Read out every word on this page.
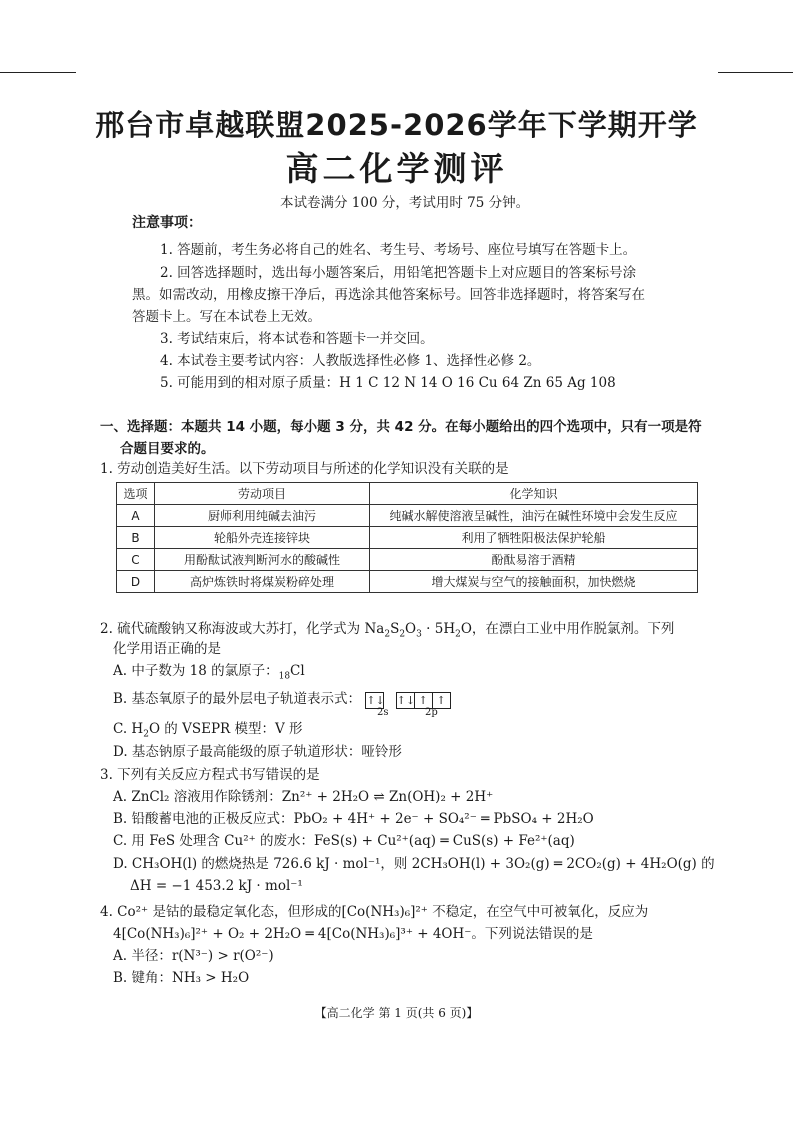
邢台市卓越联盟2025-2026学年下学期开学
高二化学测评
本试卷满分 100 分，考试用时 75 分钟。
注意事项：
1. 答题前，考生务必将自己的姓名、考生号、考场号、座位号填写在答题卡上。
2. 回答选择题时，选出每小题答案后，用铅笔把答题卡上对应题目的答案标号涂
黑。如需改动，用橡皮擦干净后，再选涂其他答案标号。回答非选择题时，将答案写在
答题卡上。写在本试卷上无效。
3. 考试结束后，将本试卷和答题卡一并交回。
4. 本试卷主要考试内容：人教版选择性必修 1、选择性必修 2。
5. 可能用到的相对原子质量：H 1 C 12 N 14 O 16 Cu 64 Zn 65 Ag 108
一、选择题：本题共 14 小题，每小题 3 分，共 42 分。在每小题给出的四个选项中，只有一项是符
合题目要求的。
1. 劳动创造美好生活。以下劳动项目与所述的化学知识没有关联的是
选项	劳动项目	化学知识
A	厨师利用纯碱去油污	纯碱水解使溶液呈碱性，油污在碱性环境中会发生反应
B	轮船外壳连接锌块	利用了牺牲阳极法保护轮船
C	用酚酞试液判断河水的酸碱性	酚酞易溶于酒精
D	高炉炼铁时将煤炭粉碎处理	增大煤炭与空气的接触面积，加快燃烧
2. 硫代硫酸钠又称海波或大苏打，化学式为 $Na_2S_2O_3 \cdot 5H_2O$，在漂白工业中用作脱氯剂。下列
化学用语正确的是
A. 中子数为 18 的氯原子：$_{18}$Cl
B. 基态氧原子的最外层电子轨道表示式： ↑↓ ↑↓ ↑ ↑
2s	2p
C. $H_2O$ 的 VSEPR 模型：V 形
D. 基态钠原子最高能级的原子轨道形状：哑铃形
3. 下列有关反应方程式书写错误的是
A. ZnCl₂ 溶液用作除锈剂：Zn²⁺ + 2H₂O ⇌ Zn(OH)₂ + 2H⁺
B. 铅酸蓄电池的正极反应式：PbO₂ + 4H⁺ + 2e⁻ + SO₄²⁻ ═ PbSO₄ + 2H₂O
C. 用 FeS 处理含 Cu²⁺ 的废水：FeS(s) + Cu²⁺(aq) ═ CuS(s) + Fe²⁺(aq)
D. CH₃OH(l) 的燃烧热是 726.6 kJ · mol⁻¹，则 2CH₃OH(l) + 3O₂(g) ═ 2CO₂(g) + 4H₂O(g) 的
ΔH = −1 453.2 kJ · mol⁻¹
4. Co²⁺ 是钴的最稳定氧化态，但形成的[Co(NH₃)₆]²⁺ 不稳定，在空气中可被氧化，反应为
4[Co(NH₃)₆]²⁺ + O₂ + 2H₂O ═ 4[Co(NH₃)₆]³⁺ + 4OH⁻。下列说法错误的是
A. 半径：r(N³⁻) > r(O²⁻)
B. 键角：NH₃ > H₂O
【高二化学 第 1 页(共 6 页)】
